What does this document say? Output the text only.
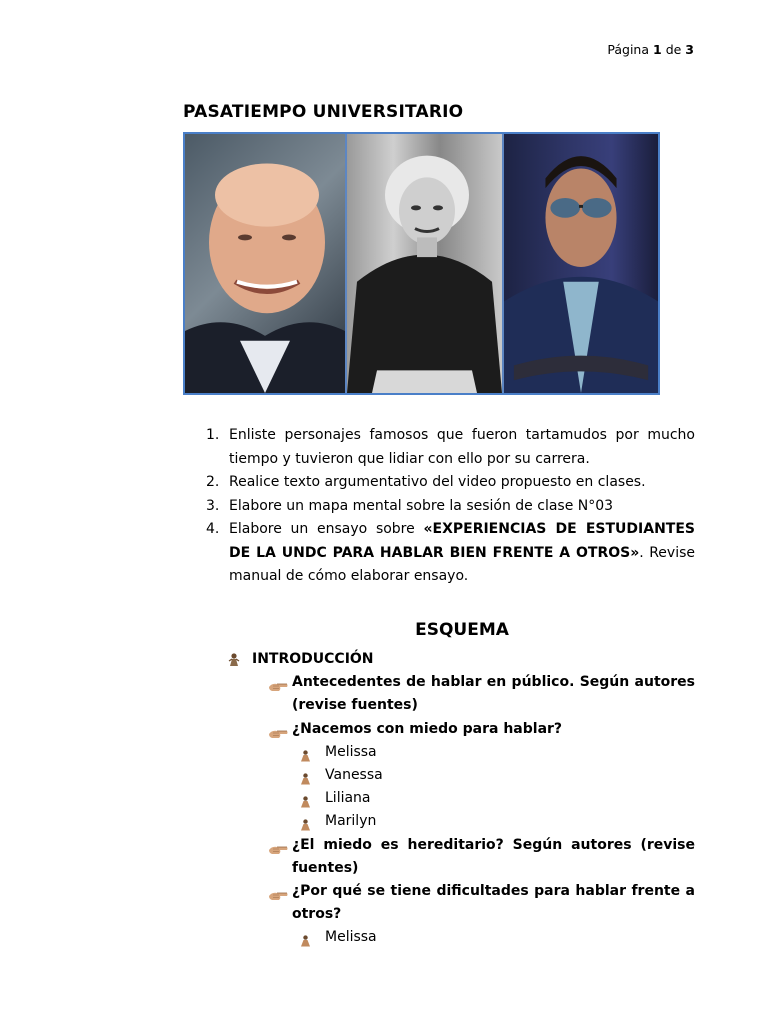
Página 1 de 3
PASATIEMPO UNIVERSITARIO
1. Enliste personajes famosos que fueron tartamudos por mucho tiempo y tuvieron que lidiar con ello por su carrera.
2. Realice texto argumentativo del video propuesto en clases.
3. Elabore un mapa mental sobre la sesión de clase N°03
4. Elabore un ensayo sobre «EXPERIENCIAS DE ESTUDIANTES DE LA UNDC PARA HABLAR BIEN FRENTE A OTROS». Revise manual de cómo elaborar ensayo.
ESQUEMA
INTRODUCCIÓN
Antecedentes de hablar en público. Según autores (revise fuentes)
¿Nacemos con miedo para hablar?
Melissa
Vanessa
Liliana
Marilyn
¿El miedo es hereditario? Según autores (revise fuentes)
¿Por qué se tiene dificultades para hablar frente a otros?
Melissa
